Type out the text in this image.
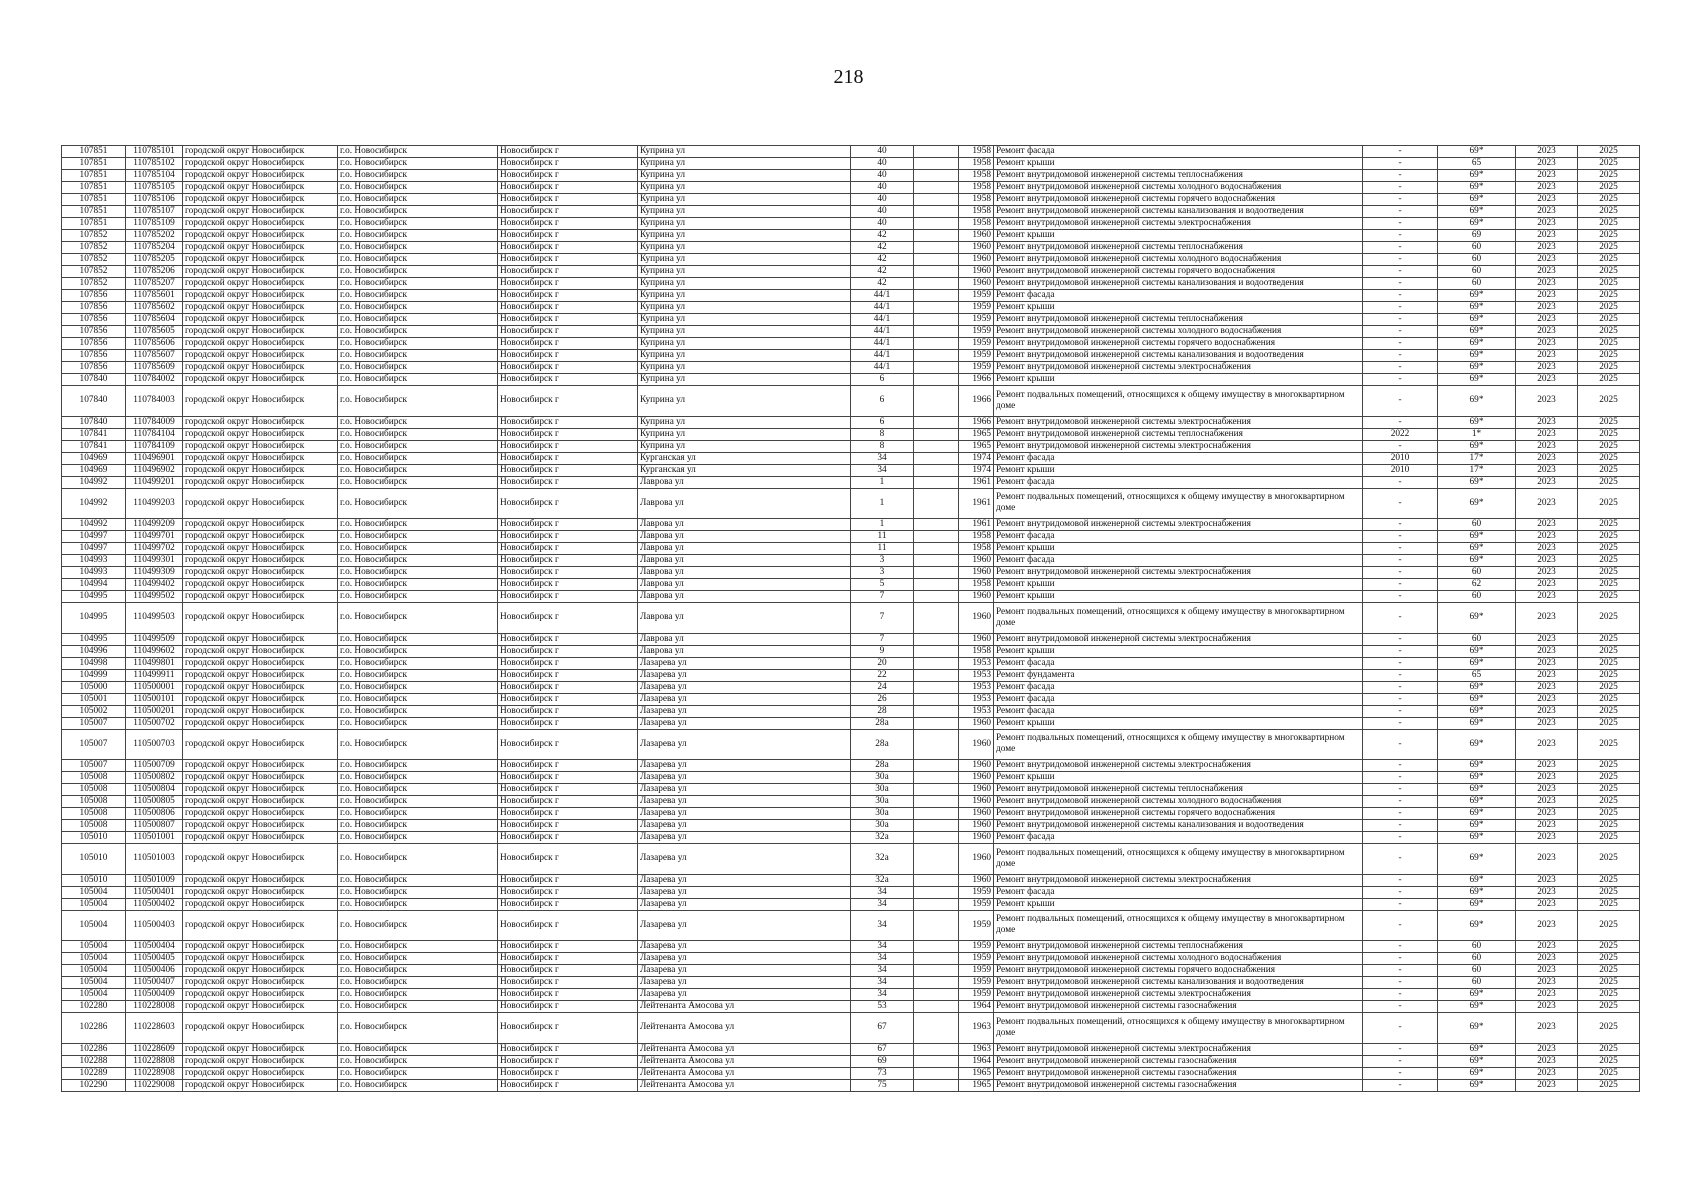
218
107851	110785101	городской округ Новосибирск	г.о. Новосибирск	Новосибирск г	Куприна ул	40		1958	Ремонт фасада	-	69*	2023	2025
107851	110785102	городской округ Новосибирск	г.о. Новосибирск	Новосибирск г	Куприна ул	40		1958	Ремонт крыши	-	65	2023	2025
107851	110785104	городской округ Новосибирск	г.о. Новосибирск	Новосибирск г	Куприна ул	40		1958	Ремонт внутридомовой инженерной системы теплоснабжения	-	69*	2023	2025
107851	110785105	городской округ Новосибирск	г.о. Новосибирск	Новосибирск г	Куприна ул	40		1958	Ремонт внутридомовой инженерной системы холодного водоснабжения	-	69*	2023	2025
107851	110785106	городской округ Новосибирск	г.о. Новосибирск	Новосибирск г	Куприна ул	40		1958	Ремонт внутридомовой инженерной системы горячего водоснабжения	-	69*	2023	2025
107851	110785107	городской округ Новосибирск	г.о. Новосибирск	Новосибирск г	Куприна ул	40		1958	Ремонт внутридомовой инженерной системы канализования и водоотведения	-	69*	2023	2025
107851	110785109	городской округ Новосибирск	г.о. Новосибирск	Новосибирск г	Куприна ул	40		1958	Ремонт внутридомовой инженерной системы электроснабжения	-	69*	2023	2025
107852	110785202	городской округ Новосибирск	г.о. Новосибирск	Новосибирск г	Куприна ул	42		1960	Ремонт крыши	-	69	2023	2025
107852	110785204	городской округ Новосибирск	г.о. Новосибирск	Новосибирск г	Куприна ул	42		1960	Ремонт внутридомовой инженерной системы теплоснабжения	-	60	2023	2025
107852	110785205	городской округ Новосибирск	г.о. Новосибирск	Новосибирск г	Куприна ул	42		1960	Ремонт внутридомовой инженерной системы холодного водоснабжения	-	60	2023	2025
107852	110785206	городской округ Новосибирск	г.о. Новосибирск	Новосибирск г	Куприна ул	42		1960	Ремонт внутридомовой инженерной системы горячего водоснабжения	-	60	2023	2025
107852	110785207	городской округ Новосибирск	г.о. Новосибирск	Новосибирск г	Куприна ул	42		1960	Ремонт внутридомовой инженерной системы канализования и водоотведения	-	60	2023	2025
107856	110785601	городской округ Новосибирск	г.о. Новосибирск	Новосибирск г	Куприна ул	44/1		1959	Ремонт фасада	-	69*	2023	2025
107856	110785602	городской округ Новосибирск	г.о. Новосибирск	Новосибирск г	Куприна ул	44/1		1959	Ремонт крыши	-	69*	2023	2025
107856	110785604	городской округ Новосибирск	г.о. Новосибирск	Новосибирск г	Куприна ул	44/1		1959	Ремонт внутридомовой инженерной системы теплоснабжения	-	69*	2023	2025
107856	110785605	городской округ Новосибирск	г.о. Новосибирск	Новосибирск г	Куприна ул	44/1		1959	Ремонт внутридомовой инженерной системы холодного водоснабжения	-	69*	2023	2025
107856	110785606	городской округ Новосибирск	г.о. Новосибирск	Новосибирск г	Куприна ул	44/1		1959	Ремонт внутридомовой инженерной системы горячего водоснабжения	-	69*	2023	2025
107856	110785607	городской округ Новосибирск	г.о. Новосибирск	Новосибирск г	Куприна ул	44/1		1959	Ремонт внутридомовой инженерной системы канализования и водоотведения	-	69*	2023	2025
107856	110785609	городской округ Новосибирск	г.о. Новосибирск	Новосибирск г	Куприна ул	44/1		1959	Ремонт внутридомовой инженерной системы электроснабжения	-	69*	2023	2025
107840	110784002	городской округ Новосибирск	г.о. Новосибирск	Новосибирск г	Куприна ул	6		1966	Ремонт крыши	-	69*	2023	2025
107840	110784003	городской округ Новосибирск	г.о. Новосибирск	Новосибирск г	Куприна ул	6		1966	Ремонт подвальных помещений, относящихся к общему имуществу в многоквартирном доме	-	69*	2023	2025
107840	110784009	городской округ Новосибирск	г.о. Новосибирск	Новосибирск г	Куприна ул	6		1966	Ремонт внутридомовой инженерной системы электроснабжения	-	69*	2023	2025
107841	110784104	городской округ Новосибирск	г.о. Новосибирск	Новосибирск г	Куприна ул	8		1965	Ремонт внутридомовой инженерной системы теплоснабжения	2022	1*	2023	2025
107841	110784109	городской округ Новосибирск	г.о. Новосибирск	Новосибирск г	Куприна ул	8		1965	Ремонт внутридомовой инженерной системы электроснабжения	-	69*	2023	2025
104969	110496901	городской округ Новосибирск	г.о. Новосибирск	Новосибирск г	Курганская ул	34		1974	Ремонт фасада	2010	17*	2023	2025
104969	110496902	городской округ Новосибирск	г.о. Новосибирск	Новосибирск г	Курганская ул	34		1974	Ремонт крыши	2010	17*	2023	2025
104992	110499201	городской округ Новосибирск	г.о. Новосибирск	Новосибирск г	Лаврова ул	1		1961	Ремонт фасада	-	69*	2023	2025
104992	110499203	городской округ Новосибирск	г.о. Новосибирск	Новосибирск г	Лаврова ул	1		1961	Ремонт подвальных помещений, относящихся к общему имуществу в многоквартирном доме	-	69*	2023	2025
104992	110499209	городской округ Новосибирск	г.о. Новосибирск	Новосибирск г	Лаврова ул	1		1961	Ремонт внутридомовой инженерной системы электроснабжения	-	60	2023	2025
104997	110499701	городской округ Новосибирск	г.о. Новосибирск	Новосибирск г	Лаврова ул	11		1958	Ремонт фасада	-	69*	2023	2025
104997	110499702	городской округ Новосибирск	г.о. Новосибирск	Новосибирск г	Лаврова ул	11		1958	Ремонт крыши	-	69*	2023	2025
104993	110499301	городской округ Новосибирск	г.о. Новосибирск	Новосибирск г	Лаврова ул	3		1960	Ремонт фасада	-	69*	2023	2025
104993	110499309	городской округ Новосибирск	г.о. Новосибирск	Новосибирск г	Лаврова ул	3		1960	Ремонт внутридомовой инженерной системы электроснабжения	-	60	2023	2025
104994	110499402	городской округ Новосибирск	г.о. Новосибирск	Новосибирск г	Лаврова ул	5		1958	Ремонт крыши	-	62	2023	2025
104995	110499502	городской округ Новосибирск	г.о. Новосибирск	Новосибирск г	Лаврова ул	7		1960	Ремонт крыши	-	60	2023	2025
104995	110499503	городской округ Новосибирск	г.о. Новосибирск	Новосибирск г	Лаврова ул	7		1960	Ремонт подвальных помещений, относящихся к общему имуществу в многоквартирном доме	-	69*	2023	2025
104995	110499509	городской округ Новосибирск	г.о. Новосибирск	Новосибирск г	Лаврова ул	7		1960	Ремонт внутридомовой инженерной системы электроснабжения	-	60	2023	2025
104996	110499602	городской округ Новосибирск	г.о. Новосибирск	Новосибирск г	Лаврова ул	9		1958	Ремонт крыши	-	69*	2023	2025
104998	110499801	городской округ Новосибирск	г.о. Новосибирск	Новосибирск г	Лазарева ул	20		1953	Ремонт фасада	-	69*	2023	2025
104999	110499911	городской округ Новосибирск	г.о. Новосибирск	Новосибирск г	Лазарева ул	22		1953	Ремонт фундамента	-	65	2023	2025
105000	110500001	городской округ Новосибирск	г.о. Новосибирск	Новосибирск г	Лазарева ул	24		1953	Ремонт фасада	-	69*	2023	2025
105001	110500101	городской округ Новосибирск	г.о. Новосибирск	Новосибирск г	Лазарева ул	26		1953	Ремонт фасада	-	69*	2023	2025
105002	110500201	городской округ Новосибирск	г.о. Новосибирск	Новосибирск г	Лазарева ул	28		1953	Ремонт фасада	-	69*	2023	2025
105007	110500702	городской округ Новосибирск	г.о. Новосибирск	Новосибирск г	Лазарева ул	28а		1960	Ремонт крыши	-	69*	2023	2025
105007	110500703	городской округ Новосибирск	г.о. Новосибирск	Новосибирск г	Лазарева ул	28а		1960	Ремонт подвальных помещений, относящихся к общему имуществу в многоквартирном доме	-	69*	2023	2025
105007	110500709	городской округ Новосибирск	г.о. Новосибирск	Новосибирск г	Лазарева ул	28а		1960	Ремонт внутридомовой инженерной системы электроснабжения	-	69*	2023	2025
105008	110500802	городской округ Новосибирск	г.о. Новосибирск	Новосибирск г	Лазарева ул	30а		1960	Ремонт крыши	-	69*	2023	2025
105008	110500804	городской округ Новосибирск	г.о. Новосибирск	Новосибирск г	Лазарева ул	30а		1960	Ремонт внутридомовой инженерной системы теплоснабжения	-	69*	2023	2025
105008	110500805	городской округ Новосибирск	г.о. Новосибирск	Новосибирск г	Лазарева ул	30а		1960	Ремонт внутридомовой инженерной системы холодного водоснабжения	-	69*	2023	2025
105008	110500806	городской округ Новосибирск	г.о. Новосибирск	Новосибирск г	Лазарева ул	30а		1960	Ремонт внутридомовой инженерной системы горячего водоснабжения	-	69*	2023	2025
105008	110500807	городской округ Новосибирск	г.о. Новосибирск	Новосибирск г	Лазарева ул	30а		1960	Ремонт внутридомовой инженерной системы канализования и водоотведения	-	69*	2023	2025
105010	110501001	городской округ Новосибирск	г.о. Новосибирск	Новосибирск г	Лазарева ул	32а		1960	Ремонт фасада	-	69*	2023	2025
105010	110501003	городской округ Новосибирск	г.о. Новосибирск	Новосибирск г	Лазарева ул	32а		1960	Ремонт подвальных помещений, относящихся к общему имуществу в многоквартирном доме	-	69*	2023	2025
105010	110501009	городской округ Новосибирск	г.о. Новосибирск	Новосибирск г	Лазарева ул	32а		1960	Ремонт внутридомовой инженерной системы электроснабжения	-	69*	2023	2025
105004	110500401	городской округ Новосибирск	г.о. Новосибирск	Новосибирск г	Лазарева ул	34		1959	Ремонт фасада	-	69*	2023	2025
105004	110500402	городской округ Новосибирск	г.о. Новосибирск	Новосибирск г	Лазарева ул	34		1959	Ремонт крыши	-	69*	2023	2025
105004	110500403	городской округ Новосибирск	г.о. Новосибирск	Новосибирск г	Лазарева ул	34		1959	Ремонт подвальных помещений, относящихся к общему имуществу в многоквартирном доме	-	69*	2023	2025
105004	110500404	городской округ Новосибирск	г.о. Новосибирск	Новосибирск г	Лазарева ул	34		1959	Ремонт внутридомовой инженерной системы теплоснабжения	-	60	2023	2025
105004	110500405	городской округ Новосибирск	г.о. Новосибирск	Новосибирск г	Лазарева ул	34		1959	Ремонт внутридомовой инженерной системы холодного водоснабжения	-	60	2023	2025
105004	110500406	городской округ Новосибирск	г.о. Новосибирск	Новосибирск г	Лазарева ул	34		1959	Ремонт внутридомовой инженерной системы горячего водоснабжения	-	60	2023	2025
105004	110500407	городской округ Новосибирск	г.о. Новосибирск	Новосибирск г	Лазарева ул	34		1959	Ремонт внутридомовой инженерной системы канализования и водоотведения	-	60	2023	2025
105004	110500409	городской округ Новосибирск	г.о. Новосибирск	Новосибирск г	Лазарева ул	34		1959	Ремонт внутридомовой инженерной системы электроснабжения	-	69*	2023	2025
102280	110228008	городской округ Новосибирск	г.о. Новосибирск	Новосибирск г	Лейтенанта Амосова ул	53		1964	Ремонт внутридомовой инженерной системы газоснабжения	-	69*	2023	2025
102286	110228603	городской округ Новосибирск	г.о. Новосибирск	Новосибирск г	Лейтенанта Амосова ул	67		1963	Ремонт подвальных помещений, относящихся к общему имуществу в многоквартирном доме	-	69*	2023	2025
102286	110228609	городской округ Новосибирск	г.о. Новосибирск	Новосибирск г	Лейтенанта Амосова ул	67		1963	Ремонт внутридомовой инженерной системы электроснабжения	-	69*	2023	2025
102288	110228808	городской округ Новосибирск	г.о. Новосибирск	Новосибирск г	Лейтенанта Амосова ул	69		1964	Ремонт внутридомовой инженерной системы газоснабжения	-	69*	2023	2025
102289	110228908	городской округ Новосибирск	г.о. Новосибирск	Новосибирск г	Лейтенанта Амосова ул	73		1965	Ремонт внутридомовой инженерной системы газоснабжения	-	69*	2023	2025
102290	110229008	городской округ Новосибирск	г.о. Новосибирск	Новосибирск г	Лейтенанта Амосова ул	75		1965	Ремонт внутридомовой инженерной системы газоснабжения	-	69*	2023	2025
